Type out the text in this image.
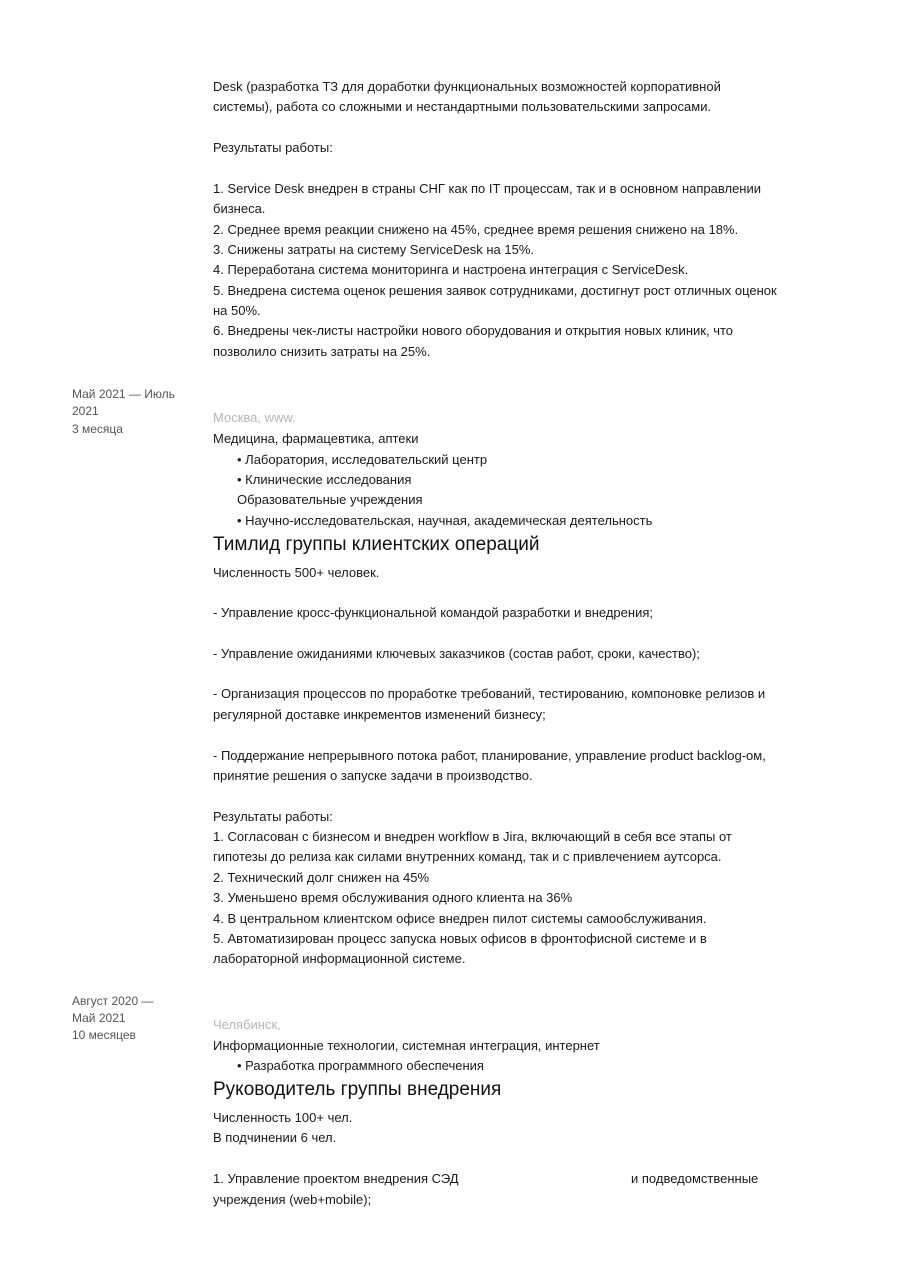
Desk (разработка ТЗ для доработки функциональных возможностей корпоративной
системы), работа со сложными и нестандартными пользовательскими запросами.
Результаты работы:
1. Service Desk внедрен в страны СНГ как по IT процессам, так и в основном направлении
бизнеса.
2. Среднее время реакции снижено на 45%, среднее время решения снижено на 18%.
3. Снижены затраты на систему ServiceDesk на 15%.
4. Переработана система мониторинга и настроена интеграция с ServiceDesk.
5. Внедрена система оценок решения заявок сотрудниками, достигнут рост отличных оценок
на 50%.
6. Внедрены чек-листы настройки нового оборудования и открытия новых клиник, что
позволило снизить затраты на 25%.
Май 2021 — Июль
2021
3 месяца
Москва, www.
Медицина, фармацевтика, аптеки
• Лаборатория, исследовательский центр
• Клинические исследования
Образовательные учреждения
• Научно-исследовательская, научная, академическая деятельность
Тимлид группы клиентских операций
Численность 500+ человек.
- Управление кросс-функциональной командой разработки и внедрения;
- Управление ожиданиями ключевых заказчиков (состав работ, сроки, качество);
- Организация процессов по проработке требований, тестированию, компоновке релизов и
регулярной доставке инкрементов изменений бизнесу;
- Поддержание непрерывного потока работ, планирование, управление product backlog-ом,
принятие решения о запуске задачи в производство.
Результаты работы:
1. Согласован с бизнесом и внедрен workflow в Jira, включающий в себя все этапы от
гипотезы до релиза как силами внутренних команд, так и с привлечением аутсорса.
2. Технический долг снижен на 45%
3. Уменьшено время обслуживания одного клиента на 36%
4. В центральном клиентском офисе внедрен пилот системы самообслуживания.
5. Автоматизирован процесс запуска новых офисов в фронтофисной системе и в
лабораторной информационной системе.
Август 2020 —
Май 2021
10 месяцев
Челябинск,
Информационные технологии, системная интеграция, интернет
• Разработка программного обеспечения
Руководитель группы внедрения
Численность 100+ чел.
В подчинении 6 чел.
1. Управление проектом внедрения СЭД	и подведомственные
учреждения (web+mobile);
